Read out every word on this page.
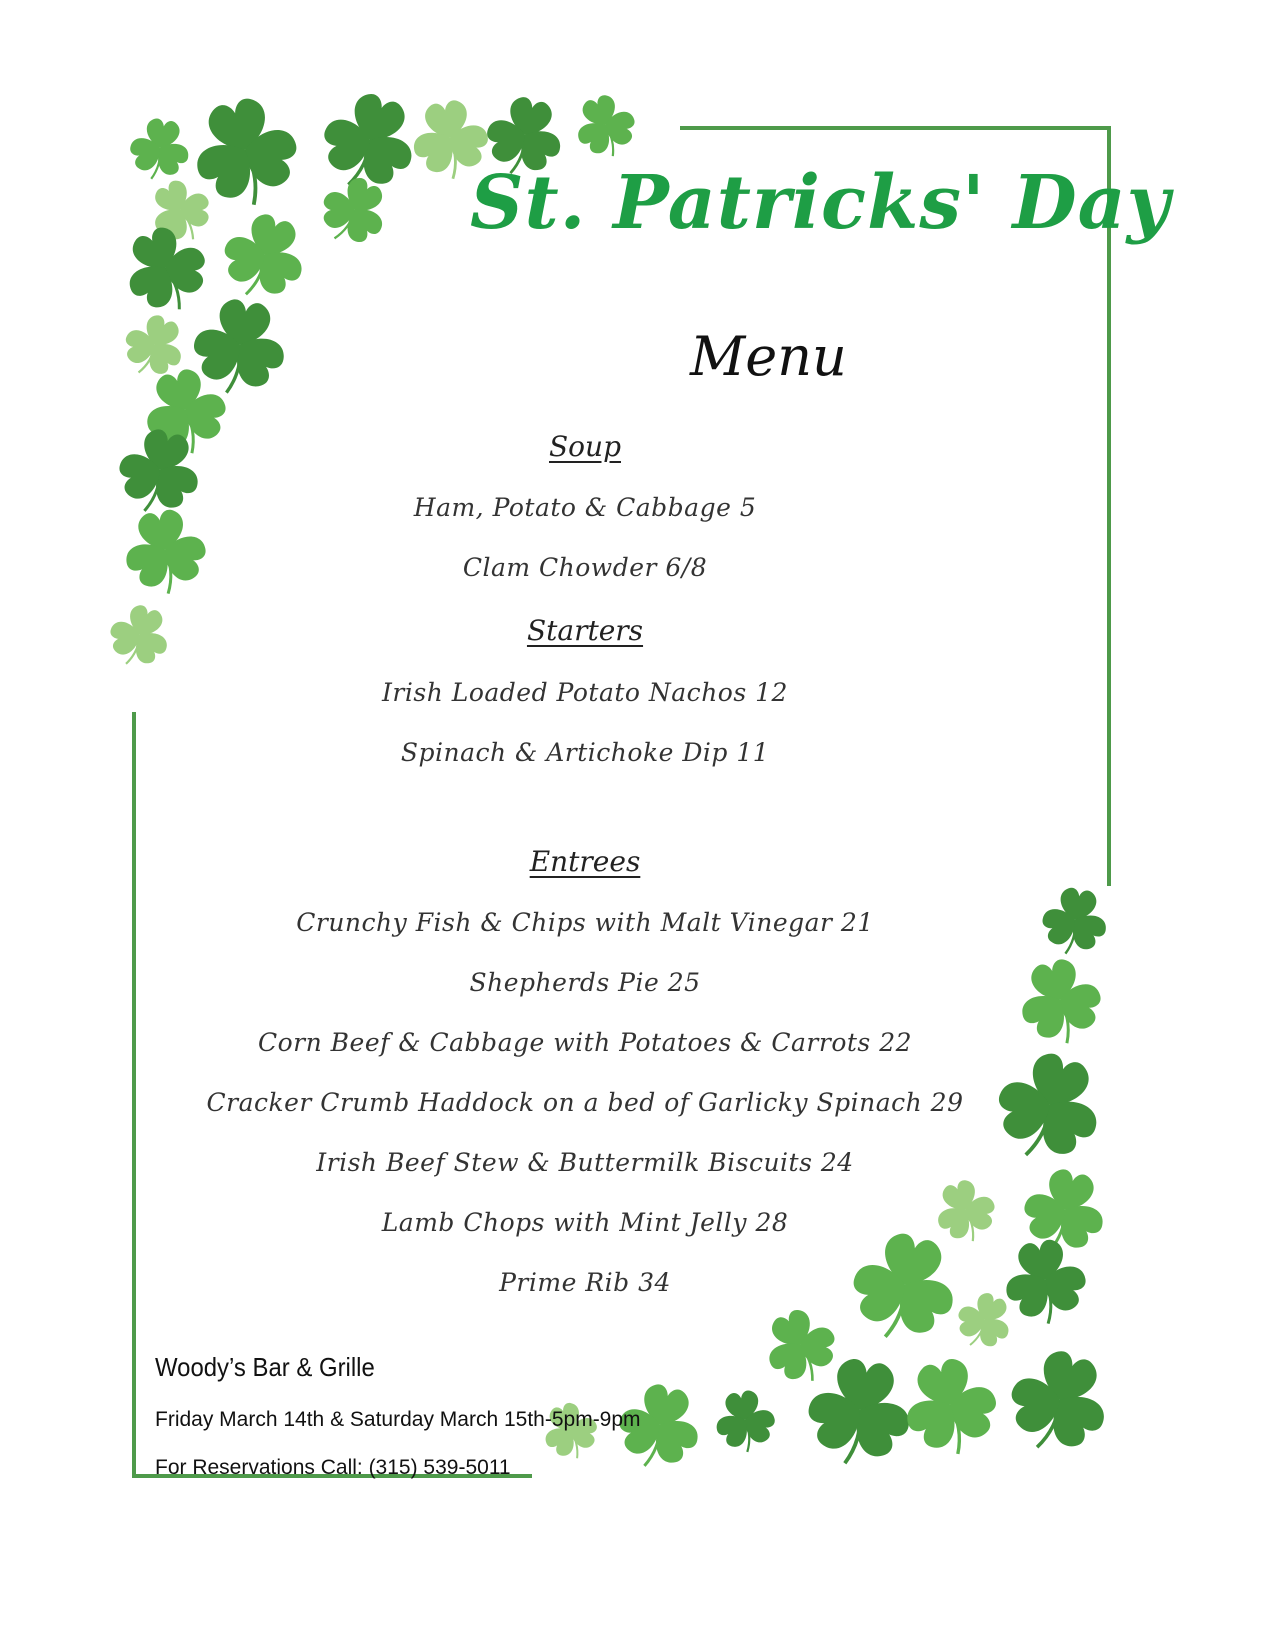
St. Patricks' Day
Menu
Soup
Ham, Potato & Cabbage 5
Clam Chowder 6/8
Starters
Irish Loaded Potato Nachos 12
Spinach & Artichoke Dip 11
Entrees
Crunchy Fish & Chips with Malt Vinegar 21
Shepherds Pie 25
Corn Beef & Cabbage with Potatoes & Carrots 22
Cracker Crumb Haddock on a bed of Garlicky Spinach 29
Irish Beef Stew & Buttermilk Biscuits 24
Lamb Chops with Mint Jelly 28
Prime Rib 34
Woody’s Bar & Grille
Friday March 14th & Saturday March 15th-5pm-9pm
For Reservations Call: (315) 539-5011
